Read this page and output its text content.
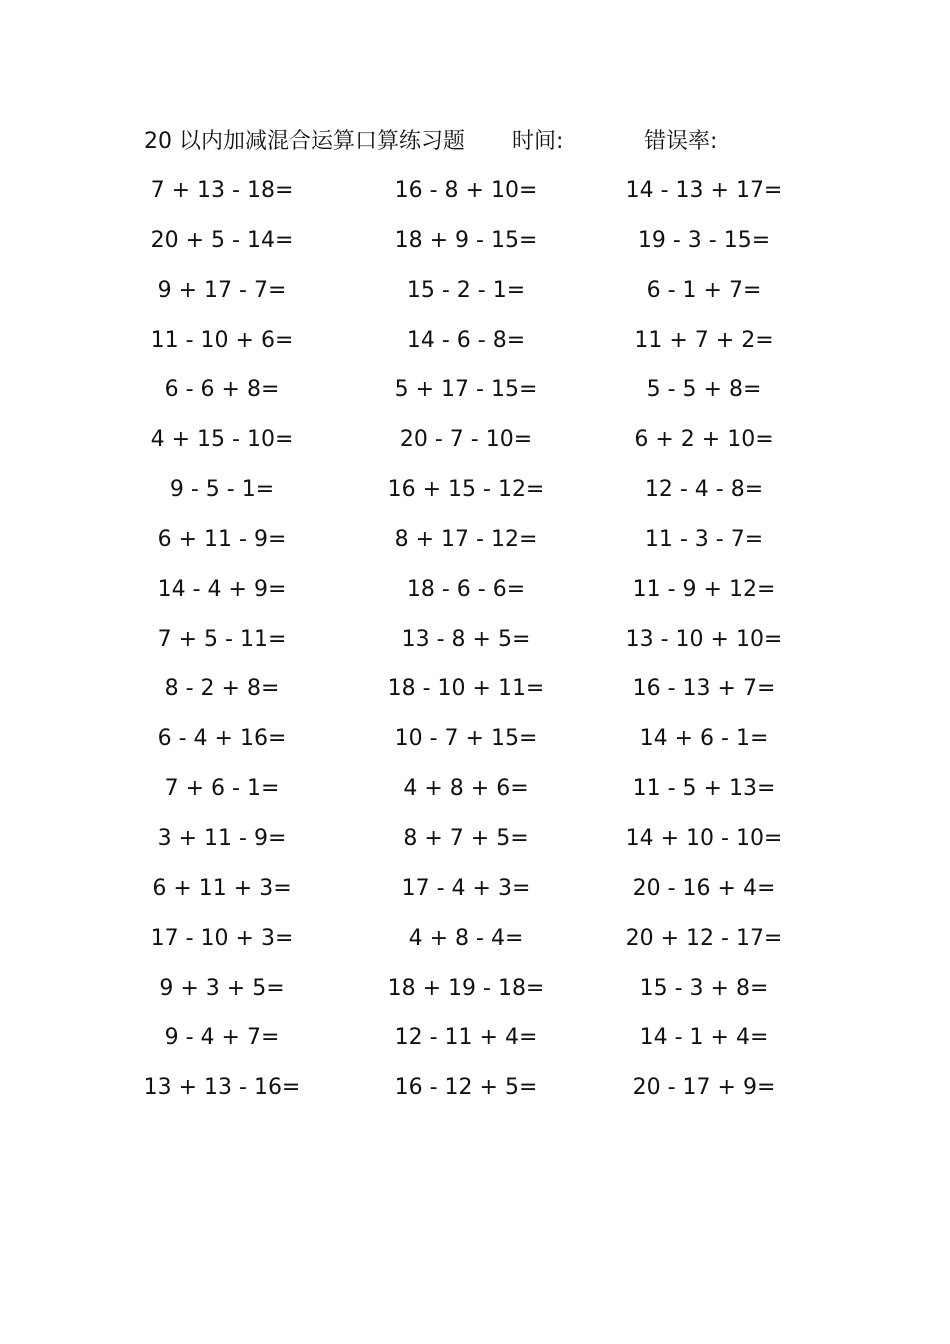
20 以内加减混合运算口算练习题 时间:	错误率:
7 + 13 - 18=	16 - 8 + 10=	14 - 13 + 17=
20 + 5 - 14=	18 + 9 - 15=	19 - 3 - 15=
9 + 17 - 7=	15 - 2 - 1=	6 - 1 + 7=
11 - 10 + 6=	14 - 6 - 8=	11 + 7 + 2=
6 - 6 + 8=	5 + 17 - 15=	5 - 5 + 8=
4 + 15 - 10=	20 - 7 - 10=	6 + 2 + 10=
9 - 5 - 1=	16 + 15 - 12=	12 - 4 - 8=
6 + 11 - 9=	8 + 17 - 12=	11 - 3 - 7=
14 - 4 + 9=	18 - 6 - 6=	11 - 9 + 12=
7 + 5 - 11=	13 - 8 + 5=	13 - 10 + 10=
8 - 2 + 8=	18 - 10 + 11=	16 - 13 + 7=
6 - 4 + 16=	10 - 7 + 15=	14 + 6 - 1=
7 + 6 - 1=	4 + 8 + 6=	11 - 5 + 13=
3 + 11 - 9=	8 + 7 + 5=	14 + 10 - 10=
6 + 11 + 3=	17 - 4 + 3=	20 - 16 + 4=
17 - 10 + 3=	4 + 8 - 4=	20 + 12 - 17=
9 + 3 + 5=	18 + 19 - 18=	15 - 3 + 8=
9 - 4 + 7=	12 - 11 + 4=	14 - 1 + 4=
13 + 13 - 16=	16 - 12 + 5=	20 - 17 + 9=
